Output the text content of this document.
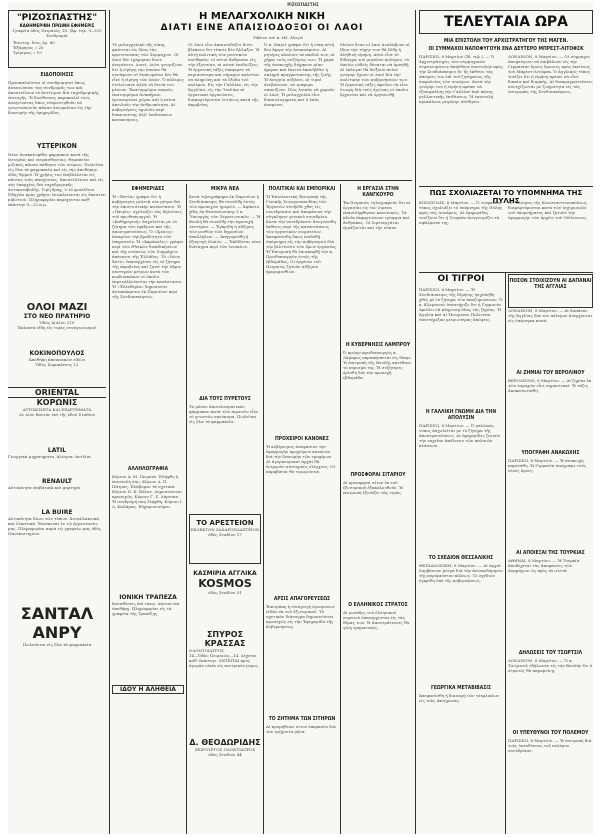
ΡΙΖΟΣΠΑΣΤΗΣ
"ΡΙΖΟΣΠΑΣΤΗΣ"
ΚΑΘΗΜΕΡΙΝΗ ΠΡΩΙΝΗ ΕΦΗΜΕΡΙΣ
Γραφεῖα ὁδὸς Πειραιῶς 18. (Ἀρ. τηλ. 9—03) Συνδρομαὶ
Ἐσωτερ. ἔτος Δρ. 40
Ἐξάμηνος » 20
Τρίμηνος » 10
ΕΙΔΟΠΟΙΗΣΙΣ
Προσκαλοῦνται οἱ συνδρομηταὶ ὅπως ἀνανεώσουν τὰς συνδρομάς των καὶ ἀποστείλουν τὸ ἀντίτιμον διὰ ταχυδρομικῆς ἐπιταγῆς. Ἡ διεύθυνσις παρακαλεῖ τοὺς ἀναγνώστας ὅπως εὐαρεστηθοῦν νὰ γνωστοποιοῦν πᾶσαν ἀνωμαλίαν εἰς τὴν διανομήν τῆς ἐφημερίδος.
ΥΣΤΕΡΙΚΟΝ
Νέον ἀνακαλυφθὲν φάρμακον κατὰ τῆς ὑστερίας καὶ νευρασθενείας. Θεραπεύει ριζικῶς πᾶσαν πάθησιν τῶν νεύρων. Πωλεῖται εἰς ὅλα τὰ φαρμακεῖα καὶ εἰς τὴν ἀποθήκην ὁδὸς Ἑρμοῦ. Ἡ χρῆσις του ἐπιβάλλεται εἰς πάντας τοὺς πάσχοντας. Ἀποστέλλεται καὶ εἰς τὰς ἐπαρχίας διὰ ταχυδρομικῆς ἀντικαταβολῆς. Τιμὴ δραχ. 5 τὸ φιαλίδιον. Ὁδηγίαι πρὸς χρῆσιν ἐσωκλείονται εἰς ἕκαστον κιβώτιον. Πληροφορίαι παρέχονται καθ' ἑκάστην 9—12 π.μ.
ΟΛΟΙ ΜΑΖΙ
ΣΤΟ ΝΕΟ ΠΡΑΤΗΡΙΟ
Ὁδὸς Αἰόλου 210
Ἐκλεκτὰ εἴδη εἰς τιμὰς συναγωνισμοῦ
ΚΟΚΙΝΟΠΟΥΛΟΣ
Ἀποθήκη ἀποικιακῶν εἰδῶν
Ὁδὸς Σοφοκλέους 12
ORIENTAL
ΚΟΡΩΝΙΣ
ΑΥΤΟΚΙΝΗΤΑ ΚΑΙ ΕΞΑΡΤΗΜΑΤΑ
Δὲ Διὸν Βουτόν ἐπὶ τῆς ὁδοῦ Σταδίου
LATIL
Γεωργικὰ μηχανήματα, ἀλέτρια, ἀντλίαι
RENAULT
Αὐτοκίνητα ἐπιβατικὰ καὶ φορτηγά
LA BUIRE
Αὐτοκίνητα ὅλων τῶν τύπων. Ἀνταλλακτικὰ καὶ ἐλαστικά. Ἐπισκευαὶ ἐν τῷ ἐργοστασίῳ μας. Πληροφορίαι παρὰ τῷ γραφείῳ μας ὁδὸς Πανεπιστημίου.
ΣΑΝΤΑΛ
ΑΝΡΥ
Πωλοῦνται εἰς ὅλα τὰ φαρμακεῖα
Η ΜΕΛΑΓΧΟΛΙΚΗ ΝΙΚΗ
ΔΙΑΤΙ ΕΙΝΕ ΑΠΑΙΣΙΟΔΟΞΟΙ ΟΙ ΛΑΟΙ
Τάδεια τοῦ κ. Ηλ. Μαγιέ
Τὸ μελαγχολικὸ τῆς νίκης φαίνεται εἰς ὅλας τὰς πρωτευούσας τῶν Συμμάχων. Οἱ λαοὶ δὲν ἐχάρησαν ὅσον ἀνεμένετο. Διατί; Διότι γνωρίζουν ὅτι ἡ εἰρήνη τὴν ὁποίαν θὰ συνάψουν οἱ διπλωμάται δὲν θὰ εἶνε ἡ εἰρήνη τῶν λαῶν. Ὁ πόλεμος ἐτελείωσεν ἀλλὰ τὰ δεινὰ του μένουν. Ἑκατομμύρια νεκρῶν, ἑκατομμύρια ἀναπήρων, ἐρειπωμέναι χῶραι καὶ ἡ πείνα ἀπειλοῦν τὴν ἀνθρωπότητα. Αἱ κυβερνήσεις ὁμιλοῦν περὶ δικαιοσύνης ἀλλ' ἐπιδιώκουν κατακτήσεις.
Οἱ λαοὶ εἶνε ἀπαισιόδοξοι διότι βλέπουν ὅτι τίποτε δὲν ἤλλαξεν. Ἡ αὐτὴ πολιτικὴ τῶν μυστικῶν συνθηκῶν, οἱ αὐτοὶ ἄνθρωποι εἰς τὴν ἐξουσίαν, αἱ αὐταὶ ἐπιδιώξεις. Ἡ ἐργατικὴ τάξις ὑπέφερεν τὰ περισσότερα καὶ σήμερον καλεῖται νὰ πληρώσῃ καὶ τὰ ἔξοδα τοῦ πολέμου. Εἰς τὴν Γαλλίαν, εἰς τὴν Ἀγγλίαν, εἰς τὴν Ἰταλίαν αἱ ἐργατικαὶ ὀργανώσεις διαμαρτύρονται ἐντόνως κατὰ τῆς ἀκριβείας.
Ὁ κ. Μαγιὲ γράφει ὅτι ἡ νίκη αὐτὴ δὲν ἔφερε τὴν ἀνακούφισιν. Αἱ μητέρες κλαίουν τὰ παιδιά των, αἱ χῆραι τοὺς συζύγους των. Ἡ χαρὰ τῆς ἀνακωχῆς διήρκεσε μίαν ἡμέραν καὶ ἔπειτα ἐπανῆλθεν ἡ σκληρὰ πραγματικότης τῆς ζωῆς. Ἡ ἀνεργία αὐξάνει, αἱ τιμαὶ ἀνεβαίνουν, τὰ τρόφιμα σπανίζουν. Πῶς λοιπὸν νὰ χαροῦν οἱ λαοί; Ἡ μελαγχολία εἶνε δικαιολογημένη καὶ ὁ λαὸς ἀναμένει.
Μόνον ὅταν οἱ λαοὶ ἀναλάβουν οἱ ἴδιοι τὴν τύχην των θὰ ἔλθῃ ἡ ἀληθινὴ εἰρήνη. Αὐτὸ εἶνε τὸ δίδαγμα τοῦ μεγάλου πολέμου, τὸ ὁποῖον οὐδεὶς δύναται νὰ ἀρνηθῇ. Αἱ ἐκλογαὶ θὰ δείξουν ποίαν γνώμην ἔχουν οἱ λαοὶ διὰ τὴν πολιτικὴν τῶν κυβερνήσεών των. Ἡ ἐργατικὴ τάξις ὀφείλει νὰ εἶνε ἕτοιμη διὰ τοὺς ἀγῶνας οἱ ὁποῖοι ἔρχονται καὶ νὰ ὀργανωθῇ.
ΕΦΗΜΕΡΙΔΕΣ
Ἡ «Ἑστία» γράφει ὅτι ἡ κυβέρνησις μελετᾷ νέα μέτρα διὰ τὴν ἐπισιτιστικὴν κατάστασιν. Ἡ «Πατρὶς» σχολιάζει τὰς δηλώσεις τοῦ πρωθυπουργοῦ. Ἡ «Καθημερινὴ» ἀσχολεῖται μὲ τὸ ζήτημα τῶν ἐφέδρων καὶ τῆς ἀποστρατεύσεως. Ὁ «Χρόνος» ἐπικρίνει τὴν βραδύτητα τῶν ὑπηρεσιῶν. Ἡ «Ἀκρόπολις» γράφει περὶ τῶν ἐθνικῶν διεκδικήσεων καὶ τῆς στάσεως τῶν Συμμάχων ἀπέναντι τῆς Ἑλλάδος. Τὸ «Νέον Ἄστυ» ἐπανέρχεται εἰς τὸ ζήτημα τῆς ἀκριβείας καὶ ζητεῖ τὴν λῆψιν αὐστηρῶν μέτρων κατὰ τῶν κερδοσκόπων οἱ ὁποῖοι ἐκμεταλλεύονται τὴν κατάστασιν. Ἡ «Ἐλευθερία» δημοσιεύει ἀνταπόκρισιν ἐκ Παρισίων περὶ τῆς Συνδιασκέψεως.
ΑΛΛΗΛΟΓΡΑΦΙΑ
Κύριον Α. Μ. Πειραιᾶ. Ἐλήφθη ἡ ἐπιστολή σας. Κύριον Δ. Π. Πάτρας. Ἐλάβομεν τὰ σχετικά. Κύριον Ν. Κ. Βόλον. Δημοσιεύεται προσεχῶς. Κύριον Γ. Σ. Λάρισαν. Ἡ συνδρομή σας ἐλήφθη. Κύριον Ι. Λ. Καλάμας. Εὐχαριστοῦμεν.
ΙΟΝΙΚΗ ΤΡΑΠΕΖΑ
Καταθέσεις ἐπὶ τόκῳ. Δάνεια ἐπὶ ὑποθήκῃ. Πληροφορίαι εἰς τὰ γραφεῖα τῆς Τραπέζης.
ΙΔΟΥ Η ΑΛΗΘΕΙΑ
ΜΙΚΡΑ ΝΕΑ
Κατὰ τηλεγράφημα ἐκ Παρισίων ἡ Συνδιάσκεψις θὰ συνέλθῃ ἐντὸς τῶν προσεχῶν ἡμερῶν. — Ἀφίκετο χθὲς ἐκ Θεσσαλονίκης ὁ κ. Ὑπουργὸς τῶν Στρατιωτικῶν. — Ἡ Βουλὴ θὰ συνέλθῃ τὴν προσεχῆ Δευτέραν. — Ἐγκρίθη ἡ αὔξησις τῶν μισθῶν τῶν δημοσίων ὑπαλλήλων. — Ἀπηγορεύθη ἡ ἐξαγωγὴ ἐλαίου. — Ἐκδίδεται νέον διάταγμα περὶ τῶν ἐνοικίων.
ΔΙΑ ΤΟΥΣ ΠΥΡΕΤΟΥΣ
Τὸ μόνον ἀποτελεσματικὸν φάρμακον κατὰ τῶν πυρετῶν εἶνε τὸ γνωστὸν σκεύασμα. Πωλεῖται εἰς ὅλα τὰ φαρμακεῖα.
ΤΟ ΑΡΕΣΤΕΙΟΝ
ΕΚΛΕΚΤΟΝ ΖΑΧΑΡΟΠΛΑΣΤΕΙΟΝ
ὁδὸς Σταδίου 17
ΚΑΣΜΙΡΙΑ ΑΓΓΛΙΚΑ
KOSMOS
ὁδὸς Σταδίου 31
ΣΠΥΡΟΣ ΚΡΑΣΣΑΣ
ΟΔΟΝΤΟΙΑΤΡΟΣ
14—Ὁδὸς Πειραιῶς—14. Δέχεται καθ' ἑκάστην. ΖΗΤΕΙΤΑΙ πρὸς ἀγορὰν οἰκία εἰς κεντρικὸν μέρος.
Δ. ΘΕΟΔΩΡΙΔΗΣ
ΧΕΙΡΟΥΡΓΟΣ ΟΔΟΝΤΙΑΤΡΟΣ
ὁδὸς Σταδίου 44
ΠΟΛΙΤΙΚΑΙ ΚΑΙ ΕΜΠΟΡΙΚΑΙ
Ἡ Ἐκτελεστικὴ Ἐπιτροπὴ τῆς Γενικῆς Συνομοσπονδίας τῶν Ἐργατῶν συνῆλθε χθὲς εἰς συνεδρίασιν καὶ ἀπεφάσισε τὴν σύγκλησιν γενικοῦ συνεδρίου. Κατὰ τὴν συνεδρίασιν ἀνεγνώσθη ἔκθεσις περὶ τῆς καταστάσεως τῶν ἐργατικῶν σωματείων. Ἀπεφασίσθη ὅπως ἐπιδοθῇ ὑπόμνημα εἰς τὴν κυβέρνησιν διὰ τὴν βελτίωσιν τῶν ὅρων ἐργασίας. Ἡ Ἐπιτροπὴ θὰ ἐπισκεφθῇ τὸν κ. Πρωθυπουργὸν ἐντὸς τῆς ἑβδομάδος. Οἱ ἐργάται τοῦ Πειραιῶς ζητοῦν αὔξησιν ἡμερομισθίων.
ΠΡΟΧΕΙΡΟΙ ΚΑΝΟΝΕΣ
Ἡ κυβέρνησις ἀπεφάσισε τὴν ἐφαρμογὴν προχείρων κανόνων διὰ τὴν διανομὴν τῶν τροφίμων. Αἱ ἀγορανομικαὶ ἀρχαὶ θὰ ἐνεργοῦν αὐστηροὺς ἐλέγχους. Οἱ παραβάται θὰ τιμωρῶνται.
ΑΡΣΙΣ ΑΠΑΓΟΡΕΥΣΕΩΣ
Ἐπετράπη ἡ εἰσαγωγὴ ὡρισμένων εἰδῶν ἐκ τοῦ ἐξωτερικοῦ. Τὸ σχετικὸν διάταγμα δημοσιεύεται προσεχῶς εἰς τὴν Ἐφημερίδα τῆς Κυβερνήσεως.
ΤΟ ΖΗΤΗΜΑ ΤΩΝ ΣΙΤΗΡΩΝ
Αἱ προμήθειαι σίτου ἐπαρκοῦν διὰ τὸν τρέχοντα μῆνα.
Η ΕΡΓΑΣΙΑ ΣΤΗΝ ΚΑΝΓΚΟΥΡΟ
Ἐκ Πειραιῶς τηλεγραφοῦν ὅτι αἱ ἐργασίαι εἰς τὸν λιμένα ἐπανελήφθησαν κανονικῶς. Τὰ πλοῖα ἐκφορτώνουν τρόφιμα καὶ ἄνθρακας. Οἱ λιμενεργάται ἐργάζονται καὶ τὴν νύκτα.
Η ΚΥΒΕΡΝΗΣΙΣ ΛΑΜΠΡΟΥ
Ὁ πρώην πρωθυπουργὸς κ. Λάμπρος παραπέμπεται εἰς δίκην. Ἡ ἐπιτροπὴ τῆς Βουλῆς κατέθεσε τὸ πόρισμά της. Ἡ συζήτησις ὁρίσθη διὰ τὴν προσεχῆ ἑβδομάδα.
ΠΡΟΣΦΟΡΑΙ ΣΙΤΑΡΙΟΥ
Αἱ προσφοραὶ σίτου ἐκ τοῦ ἐξωτερικοῦ ἐξακολουθοῦν. Ἡ ἐπιτροπὴ ἐξετάζει τὰς τιμάς.
Ο ΕΛΛΗΝΙΚΟΣ ΣΤΡΑΤΟΣ
Αἱ μονάδες τοῦ ἑλληνικοῦ στρατοῦ ἐπανέρχονται εἰς τὰς ἕδρας των. Ἡ ἀποστράτευσις θὰ γίνῃ τμηματικῶς.
ΤΕΛΕΥΤΑΙΑ ΩΡΑ
ΜΙΑ ΕΠΙΣΤΟΛΗ ΤΟΥ ΑΡΧΙΣΤΡΑΤΗΓΟΥ ΤΗΣ ΜΑΓΕΝ.
ΟΙ ΣΥΜΜΑΧΟΙ ΝΑΠΟΦΥΓΟΥΝ ΕΝΑ ΔΕΥΤΕΡΟ ΜΠΡΕΣΤ-ΛΙΤΟΦΣΚ
ΠΑΡΙΣΙΟΙ, 8 Μαρτίου (Ἰδ. τηλ.). — Ὁ ἀρχιστράτηγος τῶν συμμαχικῶν στρατευμάτων ἀπηύθυνε ἐπιστολὴν πρὸς τὴν Συνδιάσκεψιν δι' ἧς ἐκθέτει τὰς ἀπόψεις του ἐπὶ τοῦ ζητήματος τῆς ἀσφαλείας τῶν συνόρων. Κατὰ τὴν γνώμην του ἡ εἰρήνη πρέπει νὰ ἐξασφαλίσῃ τὴν Γαλλίαν ἀπὸ πάσης μελλοντικῆς ἐπιθέσεως. Ἡ ἐπιστολὴ προκάλεσε μεγάλην αἴσθησιν.
ΛΟΝΔΙΝΟΝ, 8 Μαρτίου. — Οἱ σύμμαχοι ἀποφεύγουν νὰ ἐπιβάλουν εἰς τὴν Γερμανίαν ὅρους ὅμοιους πρὸς ἐκείνους τοῦ Μπρέστ-Λιτόφσκ. Ὁ ἀγγλικὸς τύπος τονίζει ὅτι ἡ εἰρήνη πρέπει νὰ εἶνε δικαία καὶ διαρκής. Αἱ διαπραγματεύσεις συνεχίζονται μὲ ζωηρότητα εἰς τὰς ἐπιτροπὰς τῆς Συνδιασκέψεως.
ΠΩΣ ΣΧΟΛΙΑΖΕΤΑΙ ΤΟ ΥΠΟΜΝΗΜΑ ΤΗΣ ΠΥΛΗΣ
ΚΩΝ/ΠΟΛΙΣ, 8 Μαρτίου. — Ὁ τουρκικὸς τύπος σχολιάζει τὸ ὑπόμνημα τῆς Πύλης πρὸς τὰς Δυνάμεις. Αἱ ἐφημερίδες τονίζουν ὅτι ἡ Τουρκία ἀναγνωρίζει τὰ σφάλματά της.
Οἱ Ἕλληνες τῆς Κωνσταντινουπόλεως διαμαρτύρονται κατὰ τῶν ἰσχυρισμῶν τοῦ ὑπομνήματος καὶ ζητοῦν τὴν ἐφαρμογὴν τῶν ἀρχῶν τοῦ Οὐΐλσωνος.
ΟΙ ΤΙΓΡΟΙ
ΠΑΡΙΣΙΟΙ, 8 Μαρτίου. — Ἡ Συνδιάσκεψις τῆς Εἰρήνης ἠσχολήθη χθὲς μὲ τὸ ζήτημα τῶν ἀποζημιώσεων. Ὁ κ. Κλεμανσὼ ὑπεστήριξε ὅτι ἡ Γερμανία ὀφείλει νὰ πληρώσῃ ὅλας τὰς ζημίας. Ἡ Ἀγγλία καὶ αἱ Ἡνωμέναι Πολιτεῖαι ὑπεστήριξαν μετριωτέρας ἀπόψεις.
Η ΓΑΛΛΙΚΗ ΓΝΩΜΗ ΔΙΑ ΤΗΝ ΑΠΟΛΥΣΙΝ
ΠΑΡΙΣΙΟΙ, 8 Μαρτίου. — Ὁ γαλλικὸς τύπος ἀσχολεῖται μὲ τὸ ζήτημα τῆς ἀποστρατεύσεως. Αἱ ἐφημερίδες ζητοῦν τὴν ταχεῖαν ἀπόλυσιν τῶν παλαιῶν κλάσεων.
ΤΟ ΣΧΕΔΙΟΝ ΘΕΣΣΑΛΙΚΗΣ
ΘΕΣΣΑΛΟΝΙΚΗ, 8 Μαρτίου. — Αἱ ἀρχαὶ λαμβάνουν μέτρα διὰ τὴν ἀνοικοδόμησιν τῆς πυρικαύστου πόλεως. Τὸ σχέδιον ἐγκρίθη ὑπὸ τῆς κυβερνήσεως.
ΓΕΩΡΓΙΚΑ ΜΕΤΑΒΙΒΑΣΙΣ
Ἀπεφασίσθη ἡ διανομὴ τῶν τσιφλικίων εἰς τοὺς ἀκτήμονας.
ΠΟΣΟΝ ΣΤΟΙΧΙΖΟΥΝ ΑΙ ΔΑΠΑΝΑΙ ΤΗΣ ΑΓΓΛΙΑΣ
ΛΟΝΔΙΝΟΝ, 8 Μαρτίου. — Αἱ δαπάναι τῆς Ἀγγλίας διὰ τὸν πόλεμον ἀνέρχονται εἰς ὑπέρογκα ποσά.
ΑΙ ΖΗΜΙΑΙ ΤΟΥ ΒΕΡΟΛΙΝΟΥ
ΒΕΡΟΛΙΝΟΝ, 8 Μαρτίου. — Αἱ ζημίαι ἐκ τῶν ταραχῶν εἶνε σημαντικαί. Ἡ τάξις ἀποκατεστάθη.
ΥΠΟΓΡΑΦΗ ΑΝΑΚΩΧΗΣ
ΠΑΡΙΣΙΟΙ, 8 Μαρτίου. — Ἡ ἀνακωχὴ παρετάθη. Ἡ Γερμανία ὑπέγραψε τοὺς νέους ὅρους.
ΑΙ ΑΠΟΙΕΞΑΙ ΤΗΣ ΤΟΥΡΚΙΑΣ
ΑΘΗΝΑΙ, 8 Μαρτίου. — Ἡ Τουρκία ἀποδέχεται τὰς ἀποφάσεις τῶν Συμμάχων ὡς πρὸς τὰ στενά.
ΔΗΛΩΣΕΙΣ ΤΟΥ ΤΣΩΡΤΣΙΛ
ΛΟΝΔΙΝΟΝ, 8 Μαρτίου. — Ὁ κ. Τσώρτσιλ ἐδήλωσεν εἰς τὴν Βουλὴν ὅτι ὁ στρατὸς θὰ παραμείνῃ.
ΟΙ ΥΠΕΥΘΥΝΟΙ ΤΟΥ ΠΟΛΕΜΟΥ
ΠΑΡΙΣΙΟΙ, 8 Μαρτίου. — Ἡ ἐπιτροπὴ διὰ τοὺς ὑπευθύνους τοῦ πολέμου συνεδρίασε.
